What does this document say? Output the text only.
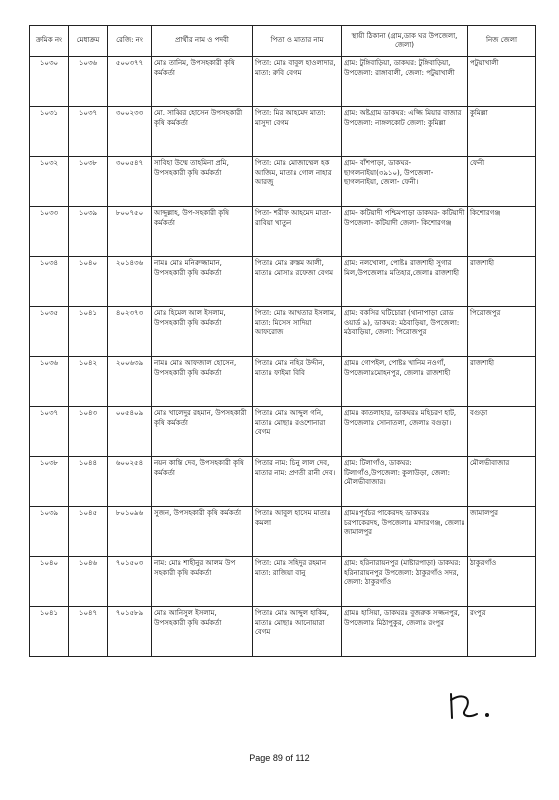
ক্রমিক নং	মেধাক্রম	রেজি: নং	প্রার্থীর নাম ও পদবী	পিতা ও মাতার নাম	স্থায়ী ঠিকানা (গ্রাম,ডাক ঘর উপজেলা, জেলা)	নিজ জেলা
১০৩০	১০৩৬	৫০০৩৭৭	মোঃ তানিম, উপসহকারী কৃষি কর্মকর্তা	পিতা: মোঃ বাবুল হাওলাদার, মাতা: রুবি বেগম	গ্রাম: টুঙ্গিবাড়িয়া, ডাকঘর: টুঙ্গিবাড়িয়া, উপজেলা: রাঙ্গাবালী, জেলা: পটুয়াখালী	পটুয়াখালী
১০৩১	১০৩৭	৩০০২৩৩	মো. সাব্বির হোসেন উপসহকারী কৃষি কর্মকর্তা	পিতা: মির আহমেদ মাতা: মাসুদা বেগম	গ্রাম: অষ্টগ্রাম ডাকঘর: এজ্জি মিয়ার বাজার উপজেলা: নাঙ্গলকোট জেলা: কুমিল্লা	কুমিল্লা
১০৩২	১০৩৮	৩০০৫৪৭	সাবিহা উম্মে তাহমিনা প্রমি, উপসহকারী কৃষি কর্মকর্তা	পিতা: মোঃ মোজাম্মেল হক আজিম, মাতাঃ গোল নাহার আরজু	গ্রাম- বাঁশপাড়া, ডাকঘর- ছাগলনাইয়া(৩৯১০), উপজেলা- ছাগলনাইয়া, জেলা- ফেনী।	ফেনী
১০৩৩	১০৩৯	৮০০৭৫০	আব্দুল্লাহ, উপ-সহকারী কৃষি কর্মকর্তা	পিতা- শরীফ আহমেদ মাতা- রাবিয়া খাতুন	গ্রাম- কটিয়াদী পশ্চিমপাড়া ডাকঘর- কটিয়াদী উপজেলা- কটিয়াদী জেলা- কিশোরগঞ্জ	কিশোরগঞ্জ
১০৩৪	১০৪০	২০১৪৩৬	নামঃ মোঃ মনিরুজ্জামান, উপসহকারী কৃষি কর্মকর্তা	পিতাঃ মোঃ রুস্তম আলী, মাতাঃ মোসাঃ রফেজা বেগম	গ্রাম: নলখোলা, পোষ্টঃ রাজশাহী সুগার মিল,উপজেলাঃ মতিহার,জেলাঃ রাজশাহী	রাজশাহী
১০৩৫	১০৪১	৪০২৩৭৩	মোঃ হিমেল আল ইসলাম, উপসহকারী কৃষি কর্মকর্তা	পিতা: মোঃ আখতার ইসলাম, মাতা: মিসেস সাদিয়া আফরোজ	গ্রাম: বকসির ঘটিচোরা (থানাপাড়া রোড ওয়ার্ড ৯), ডাকঘর: মঠবাড়িয়া, উপজেলা: মঠবাড়িয়া, জেলা: পিরোজপুর	পিরোজপুর
১০৩৬	১০৪২	২০০৬৩৯	নামঃ মোঃ আফজাল হোসেন, উপসহকারী কৃষি কর্মকর্তা	পিতাঃ মোঃ নহির উদ্দীন, মাতাঃ ফাইমা বিবি	গ্রামঃ গোপইল, পোষ্টঃ খানিম নওগাঁ, উপজেলাঃমোহনপুর, জেলাঃ রাজশাহী	রাজশাহী
১০৩৭	১০৪৩	০০৫৪০৯	মোঃ খালেদুর রহমান, উপসহকারী কৃষি কর্মকর্তা	পিতাঃ মোঃ আব্দুল গনি, মাতাঃ মোছাঃ রওশোনারা বেগম	গ্রামঃ কাতলাহার, ডাকঘরঃ মহিচরণ হাট, উপজেলাঃ সোনাতলা, জেলাঃ বগুড়া।	বগুড়া
১০৩৮	১০৪৪	৬০০২৫৪	নয়ন কান্তি দেব, উপসহকারী কৃষি কর্মকর্তা	পিতার নাম: চিনু লাল দেব, মাতার নাম: প্রণতী রানী দেব।	গ্রাম: টিলাগাঁও, ডাকঘর: টিলাগাঁও,উপজেলা: কুলাউড়া, জেলা: মৌলভীবাজার।	মৌলভীবাজার
১০৩৯	১০৪৫	৮০১০৯৬	সুজন, উপসহকারী কৃষি কর্মকর্তা	পিতাঃ আবুল হাসেম মাতাঃ কমলা	গ্রামঃপূর্বচর পাকেরদহ ডাকঘরঃ চরপাকেরদহ, উপজেলাঃ মাদারগঞ্জ, জেলাঃ জামালপুর	জামালপুর
১০৪০	১০৪৬	৭০১৫০৩	নাম: মোঃ শাহীনুর আলম উপ সহকারী কৃষি কর্মকর্তা	পিতা: মোঃ সহিদুর রহমান মাতা: রাজিয়া বানু	গ্রাম: হরিনারায়নপুর (মাষ্টারপাড়া) ডাকঘর: হরিনারায়নপুর উপজেলা: ঠাকুরগাঁও সদর, জেলা: ঠাকুরগাঁও	ঠাকুরগাঁও
১০৪১	১০৪৭	৭০১৫৮৯	মোঃ আনিসুল ইসলাম, উপসহকারী কৃষি কর্মকর্তা	পিতাঃ মোঃ আব্দুল হাকিম, মাতাঃ মোছাঃ আনোয়ারা বেগম	গ্রামঃ হাসিয়া, ডাকঘরঃ বুজরুক সজ্জনপুর, উপজেলাঃ মিঠাপুকুর, জেলাঃ রংপুর	রংপুর
Page 89 of 112
